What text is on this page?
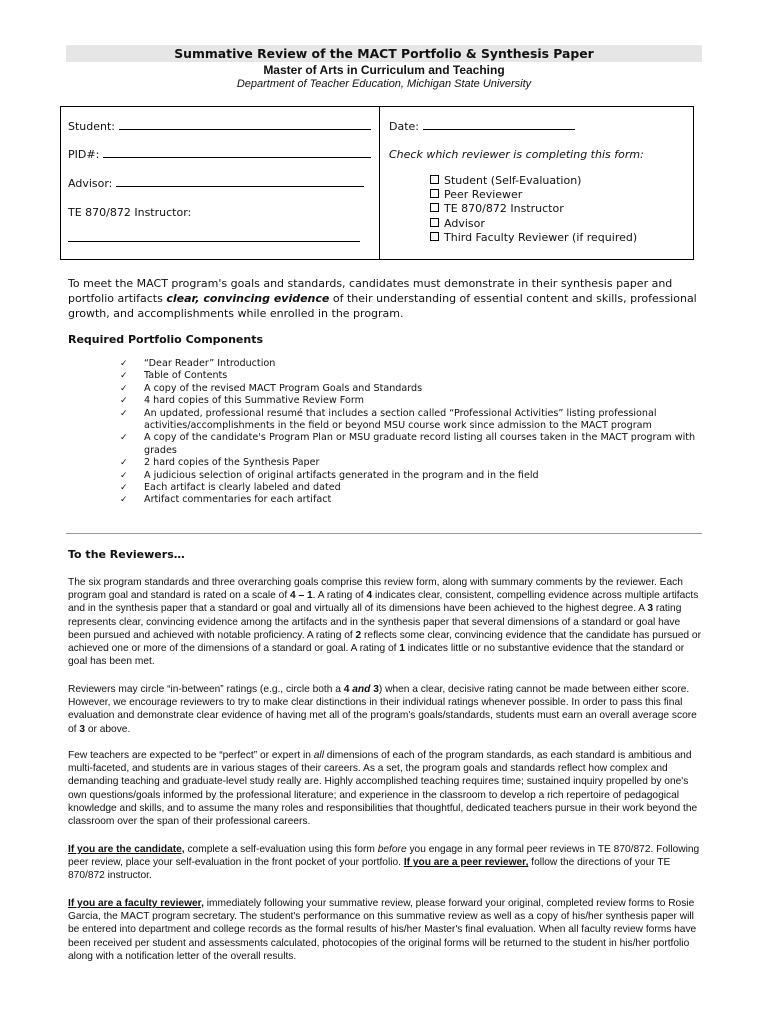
Summative Review of the MACT Portfolio & Synthesis Paper
Master of Arts in Curriculum and Teaching
Department of Teacher Education, Michigan State University
Student:
PID#:
Advisor:
TE 870/872 Instructor:
Date:
Check which reviewer is completing this form:
Student (Self-Evaluation)
Peer Reviewer
TE 870/872 Instructor
Advisor
Third Faculty Reviewer (if required)
To meet the MACT program's goals and standards, candidates must demonstrate in their synthesis paper and portfolio artifacts clear, convincing evidence of their understanding of essential content and skills, professional growth, and accomplishments while enrolled in the program.
Required Portfolio Components
✓ “Dear Reader” Introduction
✓ Table of Contents
✓ A copy of the revised MACT Program Goals and Standards
✓ 4 hard copies of this Summative Review Form
✓ An updated, professional resumé that includes a section called “Professional Activities” listing professional activities/accomplishments in the field or beyond MSU course work since admission to the MACT program
✓ A copy of the candidate's Program Plan or MSU graduate record listing all courses taken in the MACT program with grades
✓ 2 hard copies of the Synthesis Paper
✓ A judicious selection of original artifacts generated in the program and in the field
✓ Each artifact is clearly labeled and dated
✓ Artifact commentaries for each artifact
To the Reviewers…
The six program standards and three overarching goals comprise this review form, along with summary comments by the reviewer. Each program goal and standard is rated on a scale of 4 – 1. A rating of 4 indicates clear, consistent, compelling evidence across multiple artifacts and in the synthesis paper that a standard or goal and virtually all of its dimensions have been achieved to the highest degree. A 3 rating represents clear, convincing evidence among the artifacts and in the synthesis paper that several dimensions of a standard or goal have been pursued and achieved with notable proficiency. A rating of 2 reflects some clear, convincing evidence that the candidate has pursued or achieved one or more of the dimensions of a standard or goal. A rating of 1 indicates little or no substantive evidence that the standard or goal has been met.
Reviewers may circle “in-between” ratings (e.g., circle both a 4 and 3) when a clear, decisive rating cannot be made between either score. However, we encourage reviewers to try to make clear distinctions in their individual ratings whenever possible. In order to pass this final evaluation and demonstrate clear evidence of having met all of the program's goals/standards, students must earn an overall average score of 3 or above.
Few teachers are expected to be “perfect” or expert in all dimensions of each of the program standards, as each standard is ambitious and multi-faceted, and students are in various stages of their careers. As a set, the program goals and standards reflect how complex and demanding teaching and graduate-level study really are. Highly accomplished teaching requires time; sustained inquiry propelled by one's own questions/goals informed by the professional literature; and experience in the classroom to develop a rich repertoire of pedagogical knowledge and skills, and to assume the many roles and responsibilities that thoughtful, dedicated teachers pursue in their work beyond the classroom over the span of their professional careers.
If you are the candidate, complete a self-evaluation using this form before you engage in any formal peer reviews in TE 870/872. Following peer review, place your self-evaluation in the front pocket of your portfolio. If you are a peer reviewer, follow the directions of your TE 870/872 instructor.
If you are a faculty reviewer, immediately following your summative review, please forward your original, completed review forms to Rosie Garcia, the MACT program secretary. The student's performance on this summative review as well as a copy of his/her synthesis paper will be entered into department and college records as the formal results of his/her Master's final evaluation. When all faculty review forms have been received per student and assessments calculated, photocopies of the original forms will be returned to the student in his/her portfolio along with a notification letter of the overall results.
